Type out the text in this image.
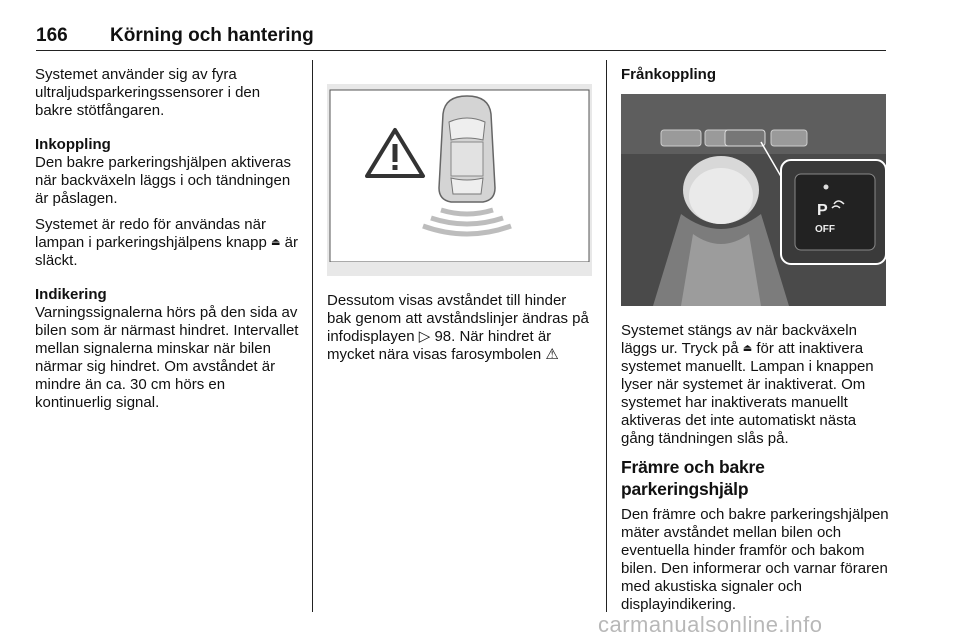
166 Körning och hantering

Systemet använder sig av fyra ultraljudsparkeringssensorer i den bakre stötfångaren.

Inkoppling

Den bakre parkeringshjälpen aktiveras när backväxeln läggs i och tändningen är påslagen.

Systemet är redo för användas när lampan i parkeringshjälpens knapp ⏏ är släckt.

Indikering

Varningssignalerna hörs på den sida av bilen som är närmast hindret. Intervallet mellan signalerna minskar när bilen närmar sig hindret. Om avståndet är mindre än ca. 30 cm hörs en kontinuerlig signal.

Dessutom visas avståndet till hinder bak genom att avståndslinjer ändras på infodisplayen ▷ 98. När hindret är mycket nära visas farosymbolen ⚠

Frånkoppling

P
OFF

Systemet stängs av när backväxeln läggs ur. Tryck på ⏏ för att inaktivera systemet manuellt. Lampan i knappen lyser när systemet är inaktiverat. Om systemet har inaktiverats manuellt aktiveras det inte automatiskt nästa gång tändningen slås på.

Främre och bakre parkeringshjälp

Den främre och bakre parkeringshjälpen mäter avståndet mellan bilen och eventuella hinder framför och bakom bilen. Den informerar och varnar föraren med akustiska signaler och displayindikering.

carmanualsonline.info
